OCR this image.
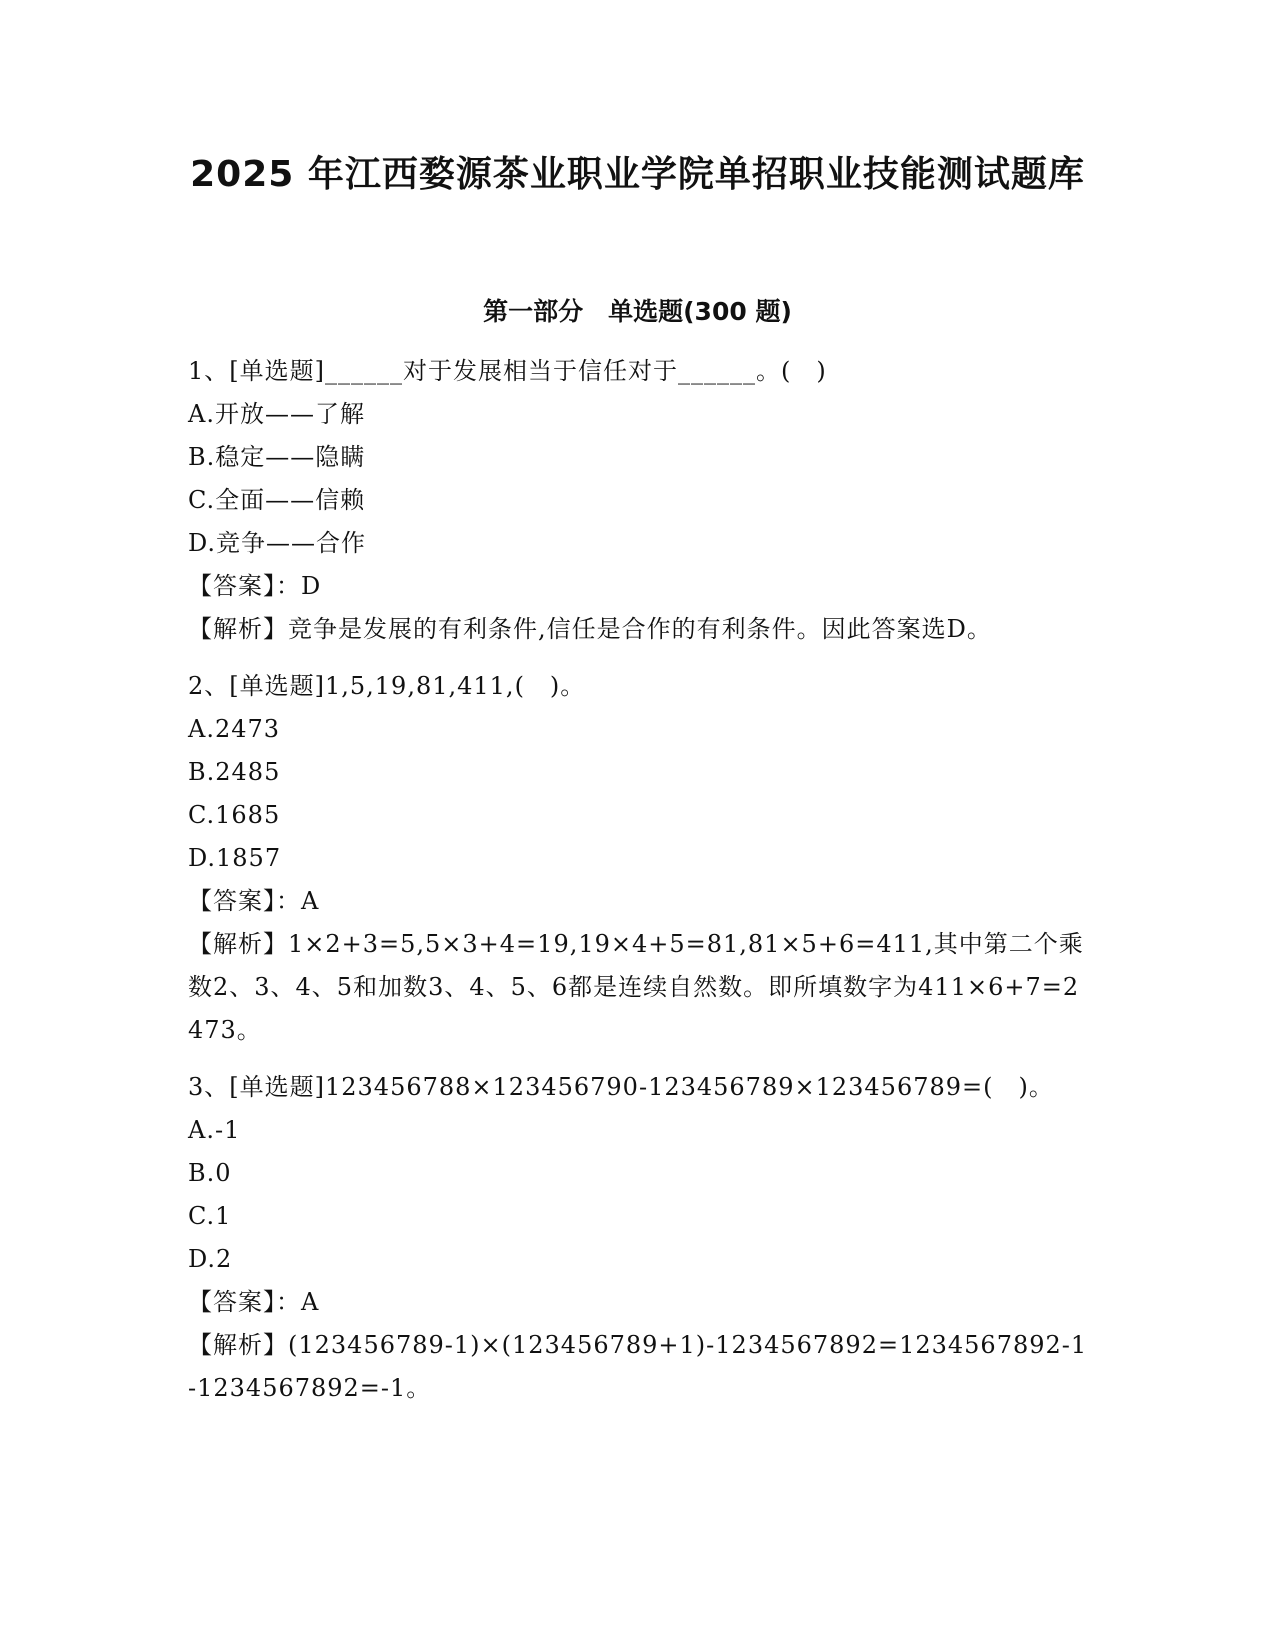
2025 年江西婺源茶业职业学院单招职业技能测试题库
第一部分　单选题(300 题)
1、[单选题]______对于发展相当于信任对于______。(　)
A.开放——了解
B.稳定——隐瞒
C.全面——信赖
D.竞争——合作
【答案】：D
【解析】竞争是发展的有利条件,信任是合作的有利条件。因此答案选D。
2、[单选题]1,5,19,81,411,(　)。
A.2473
B.2485
C.1685
D.1857
【答案】：A
【解析】1×2+3=5,5×3+4=19,19×4+5=81,81×5+6=411,其中第二个乘数2、3、4、5和加数3、4、5、6都是连续自然数。即所填数字为411×6+7=2473。
3、[单选题]123456788×123456790-123456789×123456789=(　)。
A.-1
B.0
C.1
D.2
【答案】：A
【解析】(123456789-1)×(123456789+1)-1234567892=1234567892-1-1234567892=-1。
